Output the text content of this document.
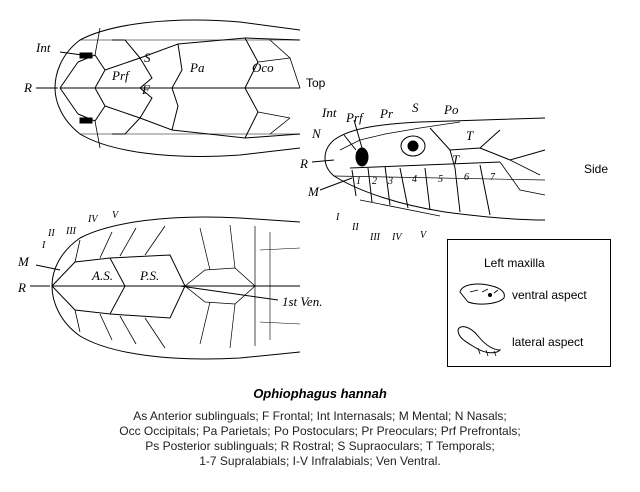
Int
S
Prf
Pa	Oco
F
R
Int Prf Pr S Po
N
R
M
T
T
1 2 3 4 5 6 7
I
II
III IV V
II
I
III
IV V
M
R
A.S. P.S.
1st Ven.
Top
Side
Left maxilla
ventral aspect
lateral aspect
Ophiophagus hannah
As Anterior sublinguals; F Frontal; Int Internasals; M Mental; N Nasals;
Occ Occipitals; Pa Parietals; Po Postoculars; Pr Preoculars; Prf Prefrontals;
Ps Posterior sublinguals; R Rostral; S Supraoculars; T Temporals;
1-7 Supralabials; I-V Infralabials; Ven Ventral.
